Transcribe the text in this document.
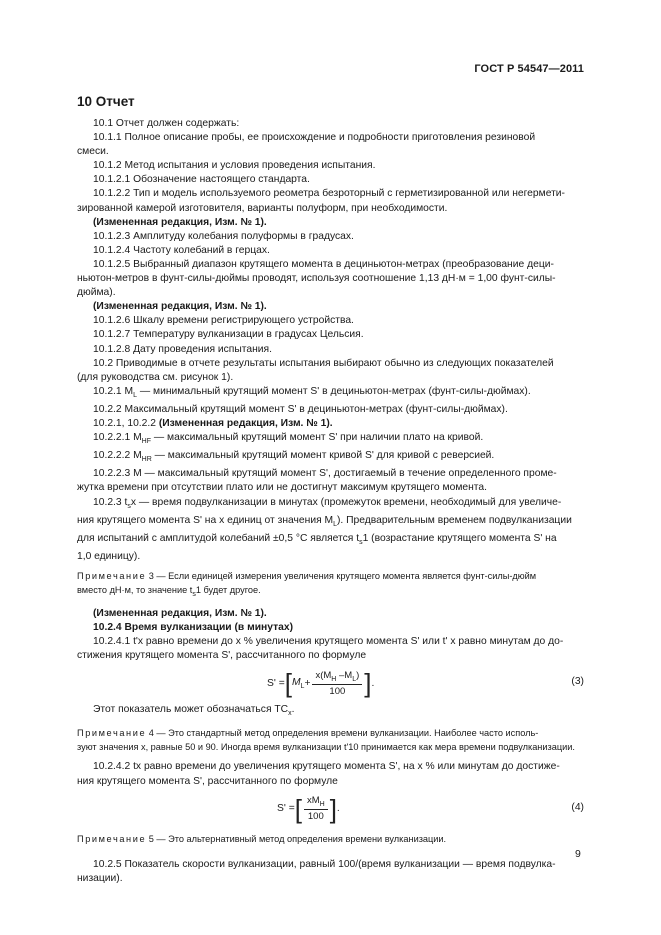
ГОСТ Р 54547—2011
10 Отчет

10.1 Отчет должен содержать:

10.1.1 Полное описание пробы, ее происхождение и подробности приготовления резиновой

смеси.

10.1.2 Метод испытания и условия проведения испытания.

10.1.2.1 Обозначение настоящего стандарта.

10.1.2.2 Тип и модель используемого реометра безроторный с герметизированной или негермети-

зированной камерой изготовителя, варианты полуформ, при необходимости.

(Измененная редакция, Изм. № 1).

10.1.2.3 Амплитуду колебания полуформы в градусах.

10.1.2.4 Частоту колебаний в герцах.

10.1.2.5 Выбранный диапазон крутящего момента в дециньютон-метрах (преобразование деци-

ньютон-метров в фунт-силы-дюймы проводят, используя соотношение 1,13 дН·м = 1,00 фунт-силы-

дюйма).

(Измененная редакция, Изм. № 1).

10.1.2.6 Шкалу времени регистрирующего устройства.

10.1.2.7 Температуру вулканизации в градусах Цельсия.

10.1.2.8 Дату проведения испытания.

10.2 Приводимые в отчете результаты испытания выбирают обычно из следующих показателей

(для руководства см. рисунок 1).

10.2.1 $M_L$ — минимальный крутящий момент S' в дециньютон-метрах (фунт-силы-дюймах).

10.2.2 Максимальный крутящий момент S' в дециньютон-метрах (фунт-силы-дюймах).

10.2.1, 10.2.2 (Измененная редакция, Изм. № 1).

10.2.2.1 $M_{HF}$ — максимальный крутящий момент S' при наличии плато на кривой.

10.2.2.2 $M_{HR}$ — максимальный крутящий момент кривой S' для кривой с реверсией.

10.2.2.3 M — максимальный крутящий момент S', достигаемый в течение определенного проме-

жутка времени при отсутствии плато или не достигнут максимум крутящего момента.

10.2.3 $t_sx$ — время подвулканизации в минутах (промежуток времени, необходимый для увеличе-

ния крутящего момента S' на x единиц от значения $M_L$). Предварительным временем подвулканизации

для испытаний с амплитудой колебаний ±0,5 °С является $t_s1$ (возрастание крутящего момента S' на

1,0 единицу).

Примечание 3 — Если единицей измерения увеличения крутящего момента является фунт-силы-дюйм

вместо дН·м, то значение $t_s1$ будет другое.

(Измененная редакция, Изм. № 1).

10.2.4 Время вулканизации (в минутах)

10.2.4.1 t'x равно времени до x % увеличения крутящего момента S' или t' x равно минутам до до-

стижения крутящего момента S', рассчитанного по формуле

S' = [ $M_L + \frac{x(M_H -M_L)}{100}$ ] .	(3)

Этот показатель может обозначаться $TC_x$.

Примечание 4 — Это стандартный метод определения времени вулканизации. Наиболее часто исполь-

зуют значения x, равные 50 и 90. Иногда время вулканизации t'10 принимается как мера времени подвулканизации.

10.2.4.2 tx равно времени до увеличения крутящего момента S', на x % или минутам до достиже-

ния крутящего момента S', рассчитанного по формуле

S' = [ $\frac{xM_H}{100}$ ] .	(4)

Примечание 5 — Это альтернативный метод определения времени вулканизации.

10.2.5 Показатель скорости вулканизации, равный 100/(время вулканизации — время подвулка-

низации).

9
